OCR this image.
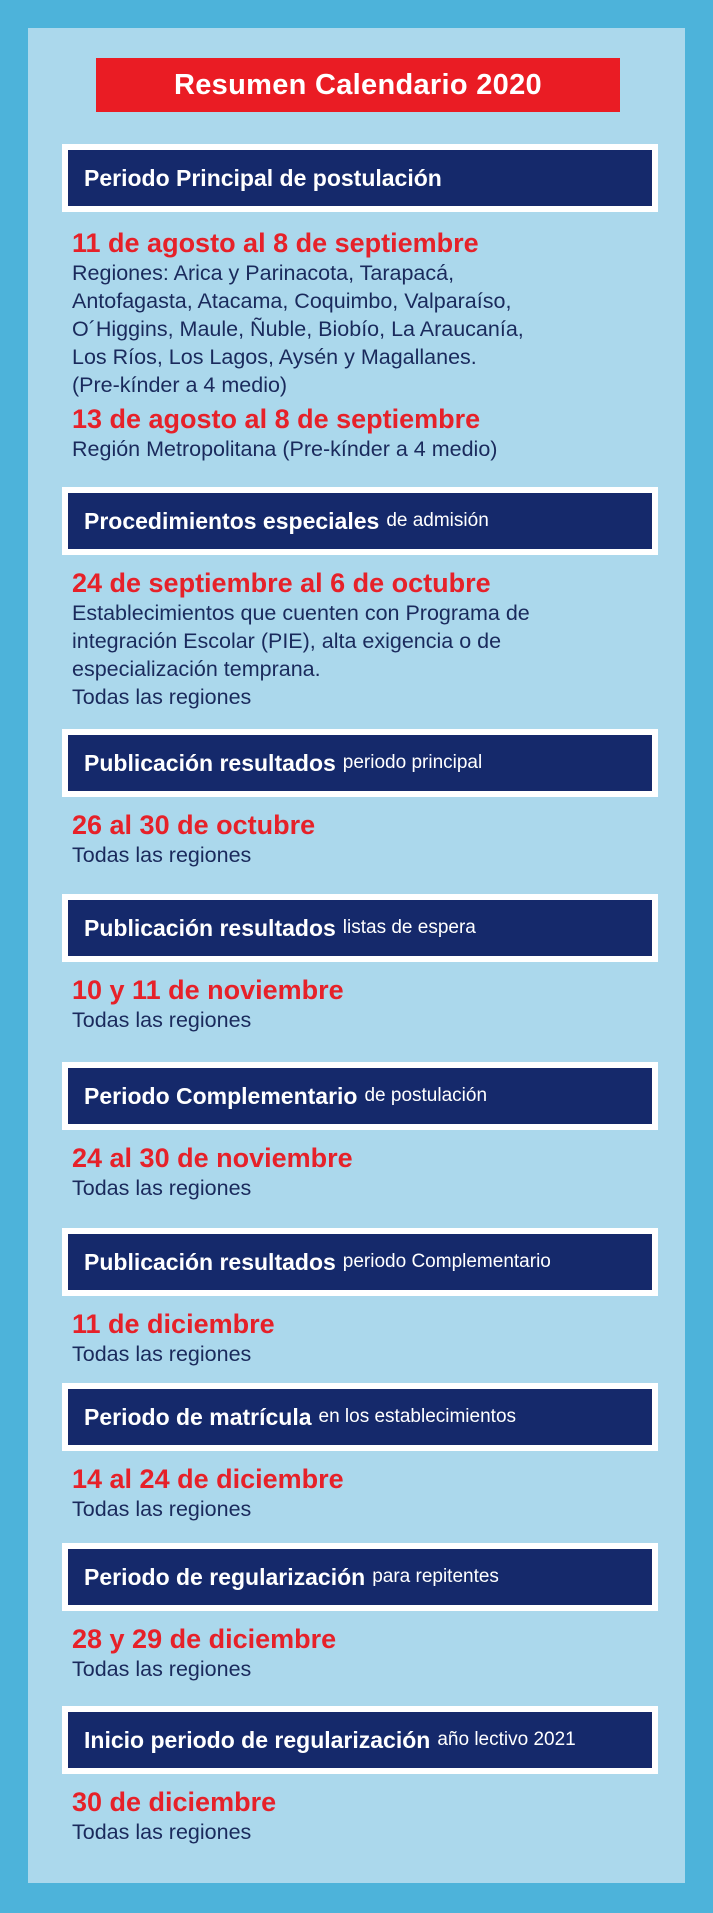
Resumen Calendario 2020
Periodo Principal de postulación
11 de agosto al 8 de septiembre
Regiones: Arica y Parinacota, Tarapacá,
Antofagasta, Atacama, Coquimbo, Valparaíso,
O´Higgins, Maule, Ñuble, Biobío, La Araucanía,
Los Ríos, Los Lagos, Aysén y Magallanes.
(Pre-kínder a 4 medio)
13 de agosto al 8 de septiembre
Región Metropolitana (Pre-kínder a 4 medio)
Procedimientos especiales de admisión
24 de septiembre al 6 de octubre
Establecimientos que cuenten con Programa de
integración Escolar (PIE), alta exigencia o de
especialización temprana.
Todas las regiones
Publicación resultados periodo principal
26 al 30 de octubre
Todas las regiones
Publicación resultados listas de espera
10 y 11 de noviembre
Todas las regiones
Periodo Complementario de postulación
24 al 30 de noviembre
Todas las regiones
Publicación resultados periodo Complementario
11 de diciembre
Todas las regiones
Periodo de matrícula en los establecimientos
14 al 24 de diciembre
Todas las regiones
Periodo de regularización para repitentes
28 y 29 de diciembre
Todas las regiones
Inicio periodo de regularización año lectivo 2021
30 de diciembre
Todas las regiones
